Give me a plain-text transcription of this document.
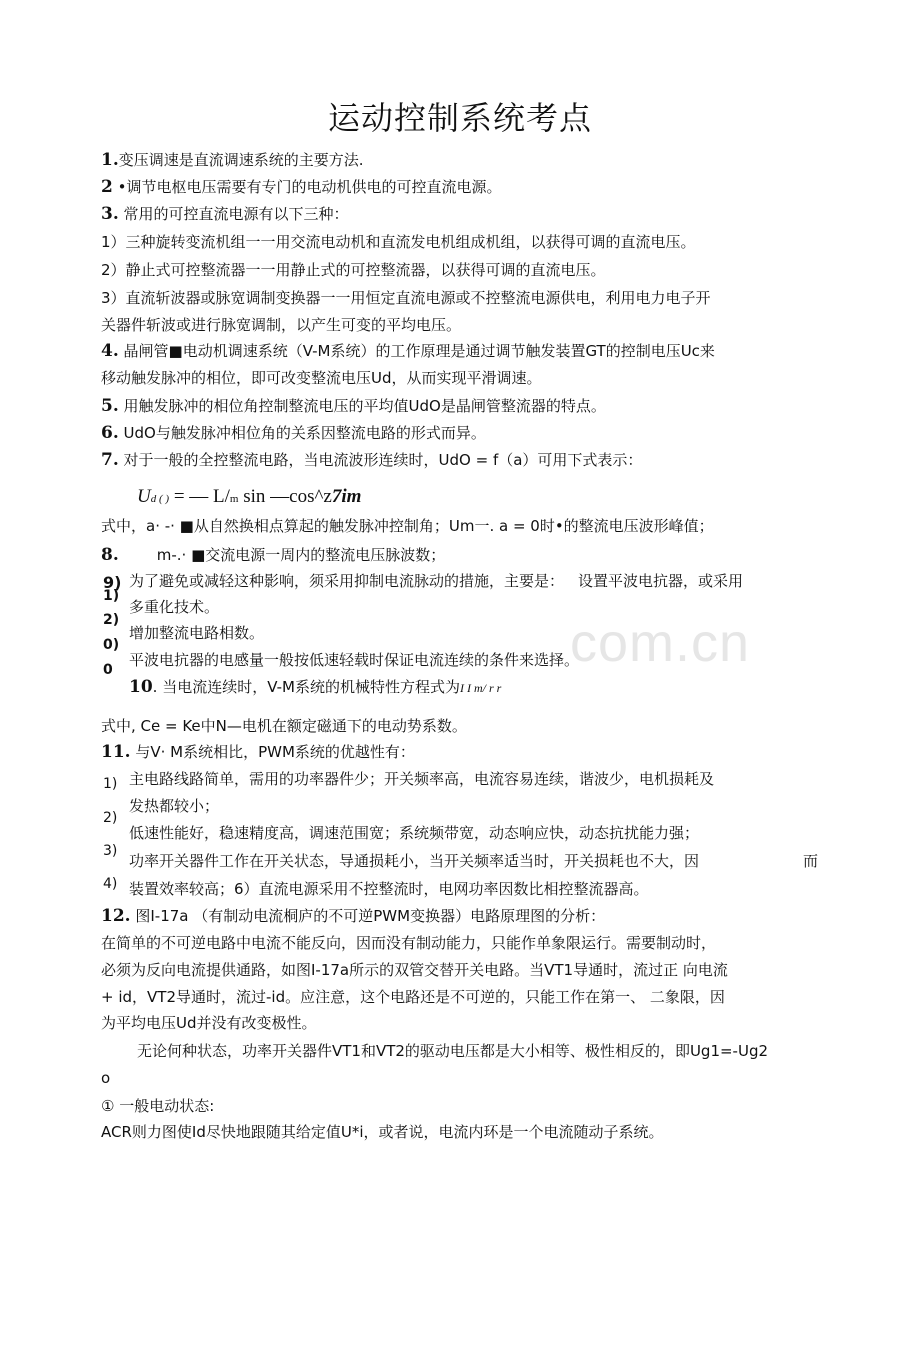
com.cn
运动控制系统考点
1.变压调速是直流调速系统的主要方法.
2 •调节电枢电压需要有专门的电动机供电的可控直流电源。
3. 常用的可控直流电源有以下三种：
1）三种旋转变流机组一一用交流电动机和直流发电机组成机组，以获得可调的直流电压。
2）静止式可控整流器一一用静止式的可控整流器，以获得可调的直流电压。
3）直流斩波器或脉宽调制变换器一一用恒定直流电源或不控整流电源供电，利用电力电子开
关器件斩波或进行脉宽调制，以产生可变的平均电压。
4. 晶闸管■电动机调速系统（V-M系统）的工作原理是通过调节触发装置GT的控制电压Uc来
移动触发脉冲的相位，即可改变整流电压Ud，从而实现平滑调速。
5. 用触发脉冲的相位角控制整流电压的平均值UdO是晶闸管整流器的特点。
6. UdO与触发脉冲相位角的关系因整流电路的形式而异。
7. 对于一般的全控整流电路，当电流波形连续时，UdO = f（a）可用下式表示：
Ud ( ) = — L/m sin —cos^z7im
式中，a· -· ■从自然换相点算起的触发脉冲控制角；Um一. a = 0时•的整流电压波形峰值；
8.	m-.· ■交流电源一周内的整流电压脉波数；
9)
1)
2)
0)
0
为了避免或减轻这种影响，须采用抑制电流脉动的措施，主要是： 设置平波电抗器，或采用
多重化技术。
增加整流电路相数。
平波电抗器的电感量一般按低速轻载时保证电流连续的条件来选择。
10. 当电流连续时，V-M系统的机械特性方程式为I I m/ r r
式中, Ce = Ke中N—电机在额定磁通下的电动势系数。
11. 与V· M系统相比，PWM系统的优越性有：
1)
2)
3)
4)
主电路线路简单，需用的功率器件少；开关频率高，电流容易连续，谐波少，电机损耗及
发热都较小；
低速性能好，稳速精度高，调速范围宽；系统频带宽，动态响应快，动态抗扰能力强；
功率开关器件工作在开关状态，导通损耗小，当开关频率适当时，开关损耗也不大，因	而
装置效率较高；6）直流电源采用不控整流时，电网功率因数比相控整流器高。
12. 图I-17a （有制动电流桐庐的不可逆PWM变换器）电路原理图的分析：
在简单的不可逆电路中电流不能反向，因而没有制动能力，只能作单象限运行。需要制动时，
必须为反向电流提供通路，如图I-17a所示的双管交替开关电路。当VT1导通时，流过正 向电流
+ id，VT2导通时，流过-id。应注意，这个电路还是不可逆的，只能工作在第一、 二象限，因
为平均电压Ud并没有改变极性。
无论何种状态，功率开关器件VT1和VT2的驱动电压都是大小相等、极性相反的，即Ug1=-Ug2
o
① 一般电动状态:
ACR则力图使Id尽快地跟随其给定值U*i，或者说，电流内环是一个电流随动子系统。
